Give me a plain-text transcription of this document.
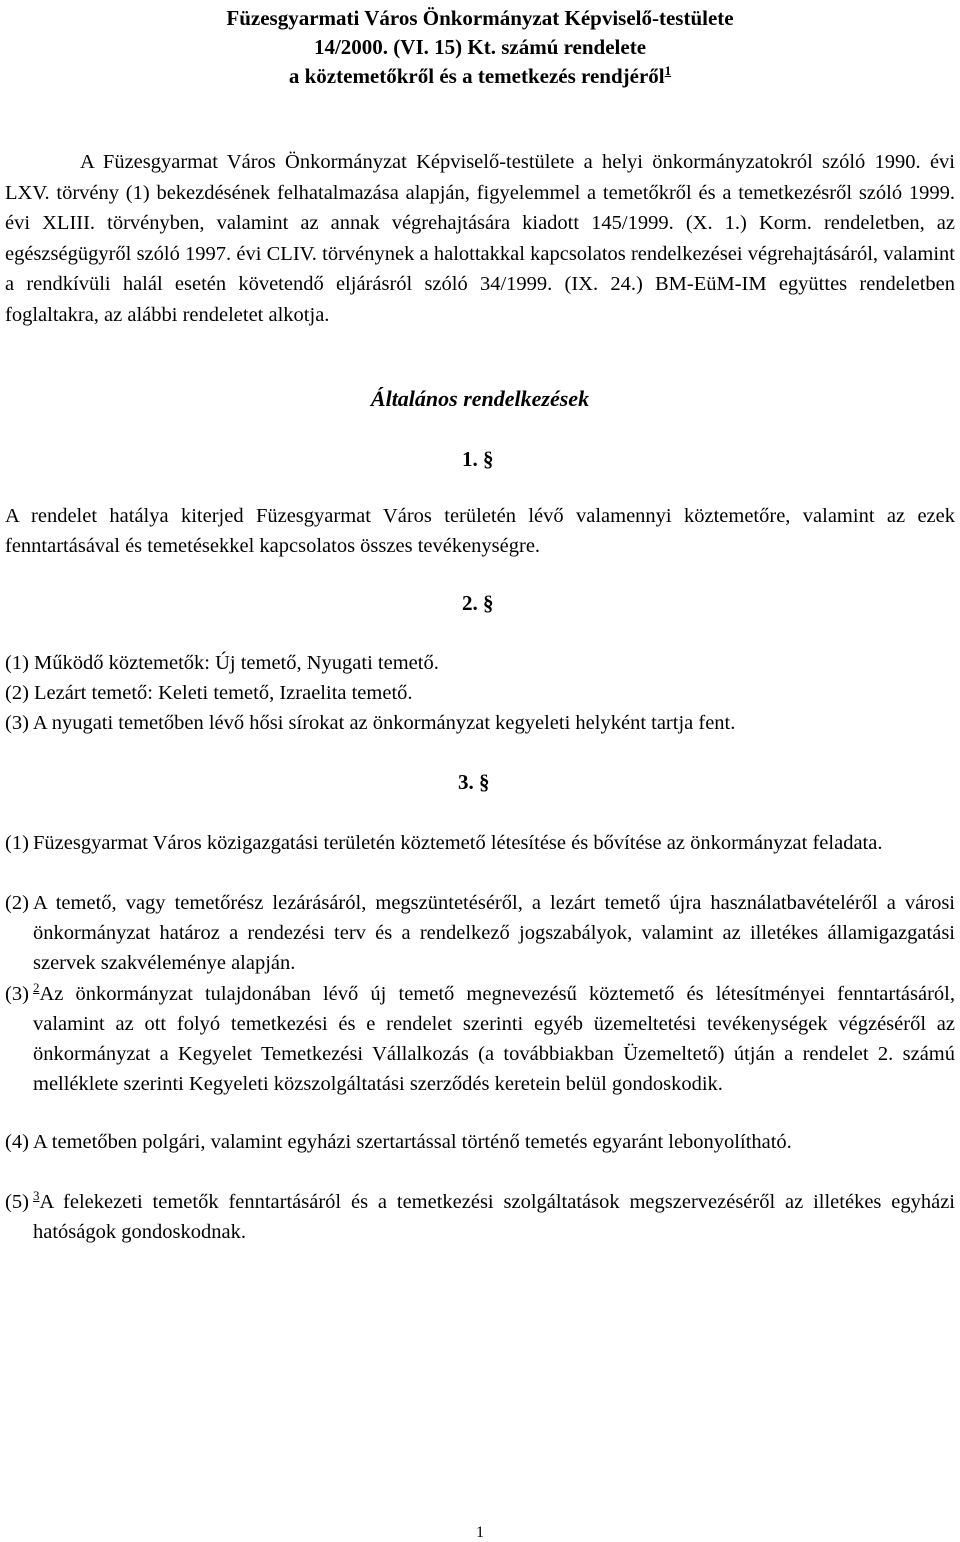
Füzesgyarmati Város Önkormányzat Képviselő-testülete
14/2000. (VI. 15) Kt. számú rendelete
a köztemetőkről és a temetkezés rendjéről$^1$

A Füzesgyarmat Város Önkormányzat Képviselő-testülete a helyi önkormányzatokról szóló 1990. évi LXV. törvény (1) bekezdésének felhatalmazása alapján, figyelemmel a temetőkről és a temetkezésről szóló 1999. évi XLIII. törvényben, valamint az annak végrehajtására kiadott 145/1999. (X. 1.) Korm. rendeletben, az egészségügyről szóló 1997. évi CLIV. törvénynek a halottakkal kapcsolatos rendelkezései végrehajtásáról, valamint a rendkívüli halál esetén követendő eljárásról szóló 34/1999. (IX. 24.) BM-EüM-IM együttes rendeletben foglaltakra, az alábbi rendeletet alkotja.

Általános rendelkezések
1. §

A rendelet hatálya kiterjed Füzesgyarmat Város területén lévő valamennyi köztemetőre, valamint az ezek fenntartásával és temetésekkel kapcsolatos összes tevékenységre.

2. §

(1) Működő köztemetők: Új temető, Nyugati temető.

(2) Lezárt temető: Keleti temető, Izraelita temető.

(3) A nyugati temetőben lévő hősi sírokat az önkormányzat kegyeleti helyként tartja fent.

3. §
(1) Füzesgyarmat Város közigazgatási területén köztemető létesítése és bővítése az önkormányzat feladata.
(2) A temető, vagy temetőrész lezárásáról, megszüntetéséről, a lezárt temető újra használatbavételéről a városi önkormányzat határoz a rendezési terv és a rendelkező jogszabályok, valamint az illetékes államigazgatási szervek szakvéleménye alapján.
(3) $^2$Az önkormányzat tulajdonában lévő új temető megnevezésű köztemető és létesítményei fenntartásáról, valamint az ott folyó temetkezési és e rendelet szerinti egyéb üzemeltetési tevékenységek végzéséről az önkormányzat a Kegyelet Temetkezési Vállalkozás (a továbbiakban Üzemeltető) útján a rendelet 2. számú melléklete szerinti Kegyeleti közszolgáltatási szerződés keretein belül gondoskodik.
(4) A temetőben polgári, valamint egyházi szertartással történő temetés egyaránt lebonyolítható.
(5) $^3$A felekezeti temetők fenntartásáról és a temetkezési szolgáltatások megszervezéséről az illetékes egyházi hatóságok gondoskodnak.
1
